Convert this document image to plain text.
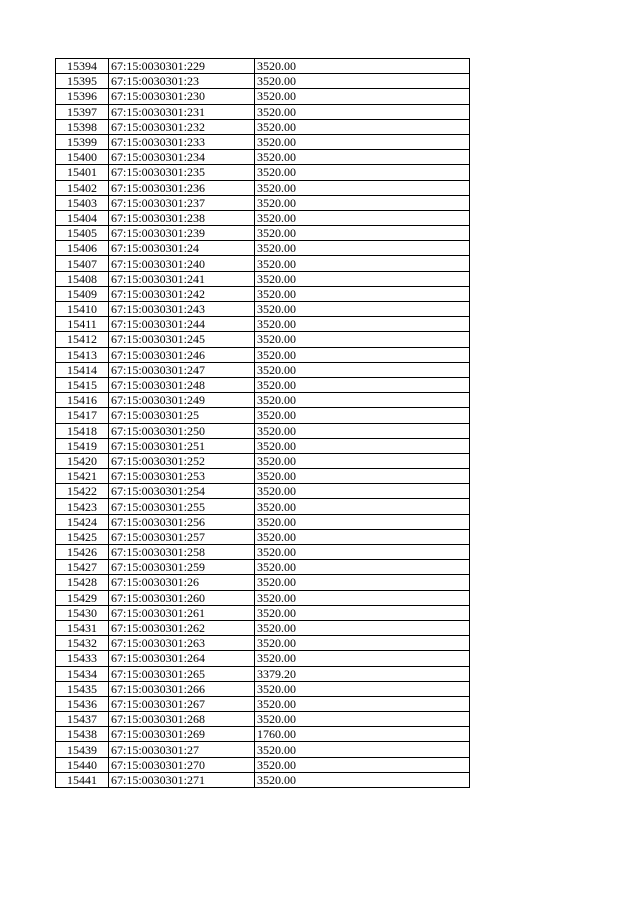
15394	67:15:0030301:229	3520.00
15395	67:15:0030301:23	3520.00
15396	67:15:0030301:230	3520.00
15397	67:15:0030301:231	3520.00
15398	67:15:0030301:232	3520.00
15399	67:15:0030301:233	3520.00
15400	67:15:0030301:234	3520.00
15401	67:15:0030301:235	3520.00
15402	67:15:0030301:236	3520.00
15403	67:15:0030301:237	3520.00
15404	67:15:0030301:238	3520.00
15405	67:15:0030301:239	3520.00
15406	67:15:0030301:24	3520.00
15407	67:15:0030301:240	3520.00
15408	67:15:0030301:241	3520.00
15409	67:15:0030301:242	3520.00
15410	67:15:0030301:243	3520.00
15411	67:15:0030301:244	3520.00
15412	67:15:0030301:245	3520.00
15413	67:15:0030301:246	3520.00
15414	67:15:0030301:247	3520.00
15415	67:15:0030301:248	3520.00
15416	67:15:0030301:249	3520.00
15417	67:15:0030301:25	3520.00
15418	67:15:0030301:250	3520.00
15419	67:15:0030301:251	3520.00
15420	67:15:0030301:252	3520.00
15421	67:15:0030301:253	3520.00
15422	67:15:0030301:254	3520.00
15423	67:15:0030301:255	3520.00
15424	67:15:0030301:256	3520.00
15425	67:15:0030301:257	3520.00
15426	67:15:0030301:258	3520.00
15427	67:15:0030301:259	3520.00
15428	67:15:0030301:26	3520.00
15429	67:15:0030301:260	3520.00
15430	67:15:0030301:261	3520.00
15431	67:15:0030301:262	3520.00
15432	67:15:0030301:263	3520.00
15433	67:15:0030301:264	3520.00
15434	67:15:0030301:265	3379.20
15435	67:15:0030301:266	3520.00
15436	67:15:0030301:267	3520.00
15437	67:15:0030301:268	3520.00
15438	67:15:0030301:269	1760.00
15439	67:15:0030301:27	3520.00
15440	67:15:0030301:270	3520.00
15441	67:15:0030301:271	3520.00
